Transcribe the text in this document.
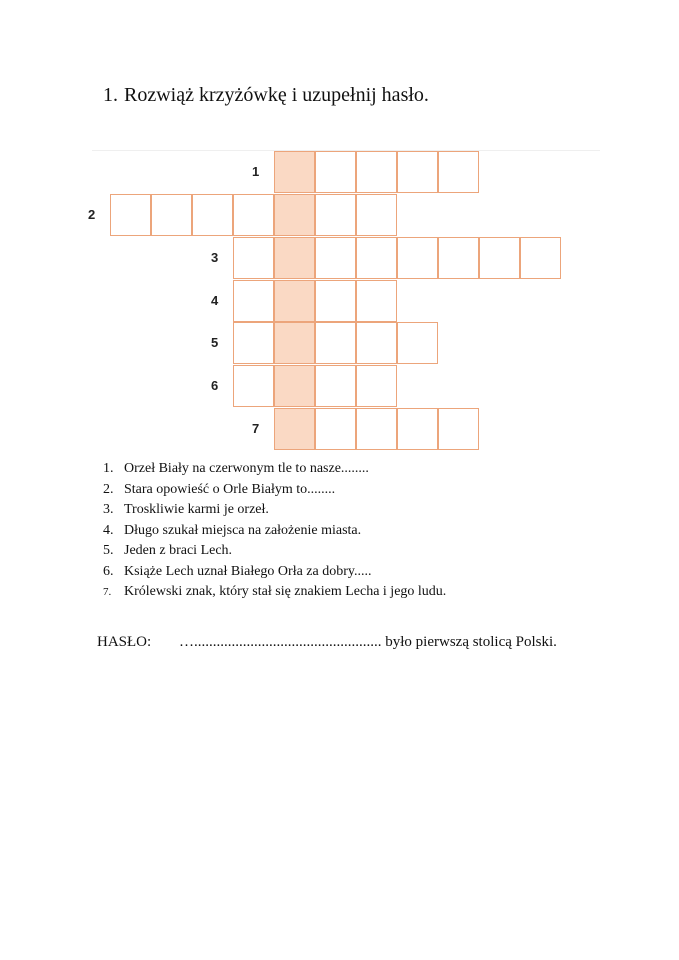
1. Rozwiąż krzyżówkę i uzupełnij hasło.
1
2
3
4
5
6
7
1. Orzeł Biały na czerwonym tle to nasze........
2. Stara opowieść o Orle Białym to........
3. Troskliwie karmi je orzeł.
4. Długo szukał miejsca na założenie miasta.
5. Jeden z braci Lech.
6. Książe Lech uznał Białego Orła za dobry.....
7. Królewski znak, który stał się znakiem Lecha i jego ludu.
HASŁO: ….................................................. było pierwszą stolicą Polski.
